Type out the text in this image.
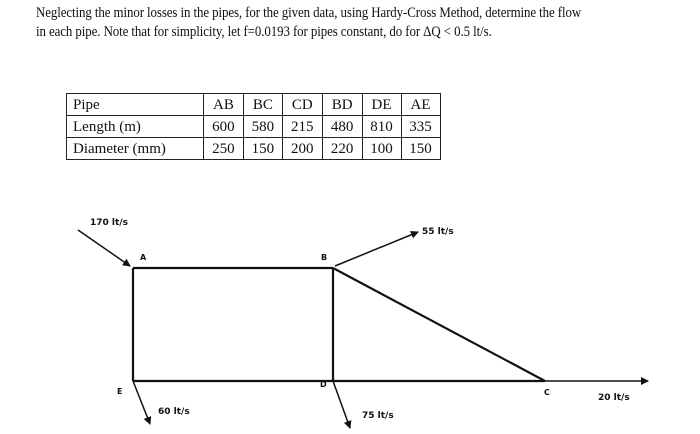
Neglecting the minor losses in the pipes, for the given data, using Hardy-Cross Method, determine the flow

in each pipe. Note that for simplicity, let f=0.0193 for pipes constant, do for ΔQ < 0.5 lt/s.

Pipe	AB	BC	CD	BD	DE	AE
Length (m)	600	580	215	480	810	335
Diameter (mm)	250	150	200	220	100	150
A	B
C
D
E
170 lt/s
55 lt/s
20 lt/s
75 lt/s
60 lt/s
